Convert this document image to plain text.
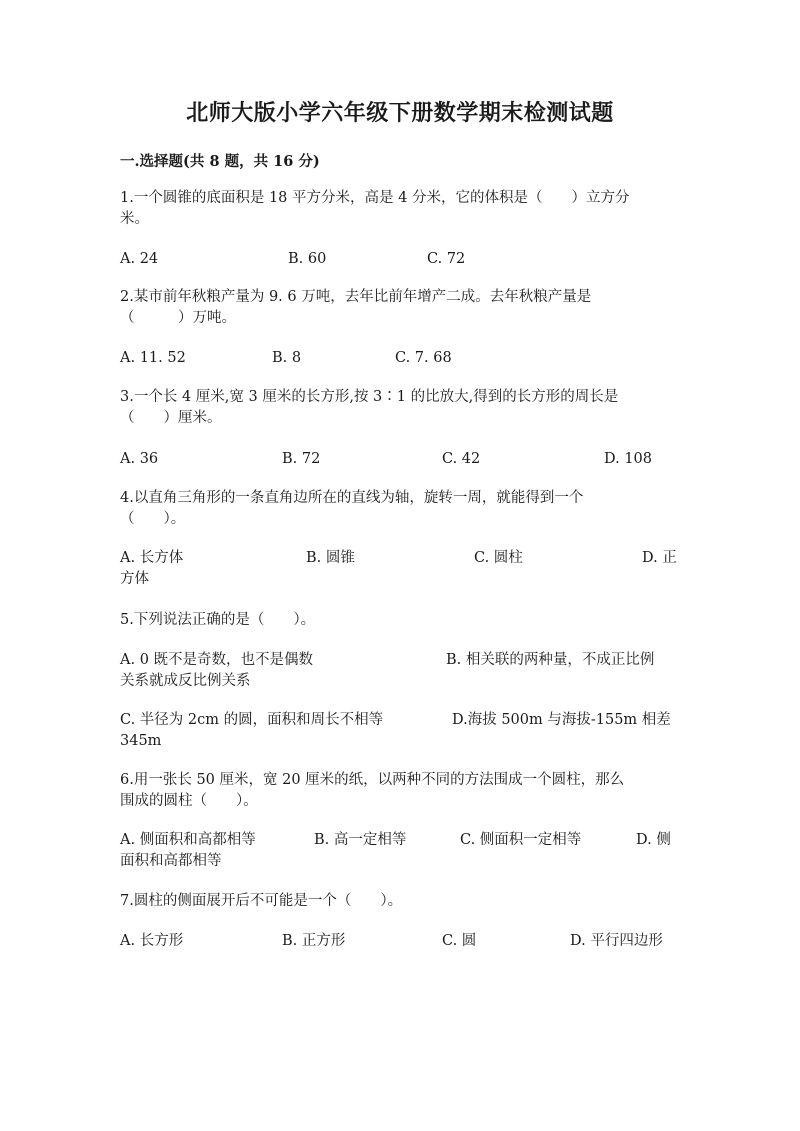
北师大版小学六年级下册数学期末检测试题
一.选择题(共 8 题，共 16 分)
1.一个圆锥的底面积是 18 平方分米，高是 4 分米，它的体积是（　　）立方分
米。
A. 24	B. 60	C. 72
2.某市前年秋粮产量为 9. 6 万吨，去年比前年增产二成。去年秋粮产量是
（　　　）万吨。
A. 11. 52	B. 8	C. 7. 68
3.一个长 4 厘米,宽 3 厘米的长方形,按 3∶1 的比放大,得到的长方形的周长是
（　　）厘米。
A. 36	B. 72	C. 42	D. 108
4.以直角三角形的一条直角边所在的直线为轴，旋转一周，就能得到一个
（　　）。
A. 长方体	B. 圆锥	C. 圆柱	D. 正
方体
5.下列说法正确的是（　　）。
A. 0 既不是奇数，也不是偶数	B. 相关联的两种量，不成正比例
关系就成反比例关系
C. 半径为 2cm 的圆，面积和周长不相等	D.海拔 500m 与海拔-155m 相差
345m
6.用一张长 50 厘米，宽 20 厘米的纸，以两种不同的方法围成一个圆柱，那么
围成的圆柱（　　）。
A. 侧面积和高都相等	B. 高一定相等	C. 侧面积一定相等	D. 侧
面积和高都相等
7.圆柱的侧面展开后不可能是一个（　　）。
A. 长方形	B. 正方形	C. 圆	D. 平行四边形
